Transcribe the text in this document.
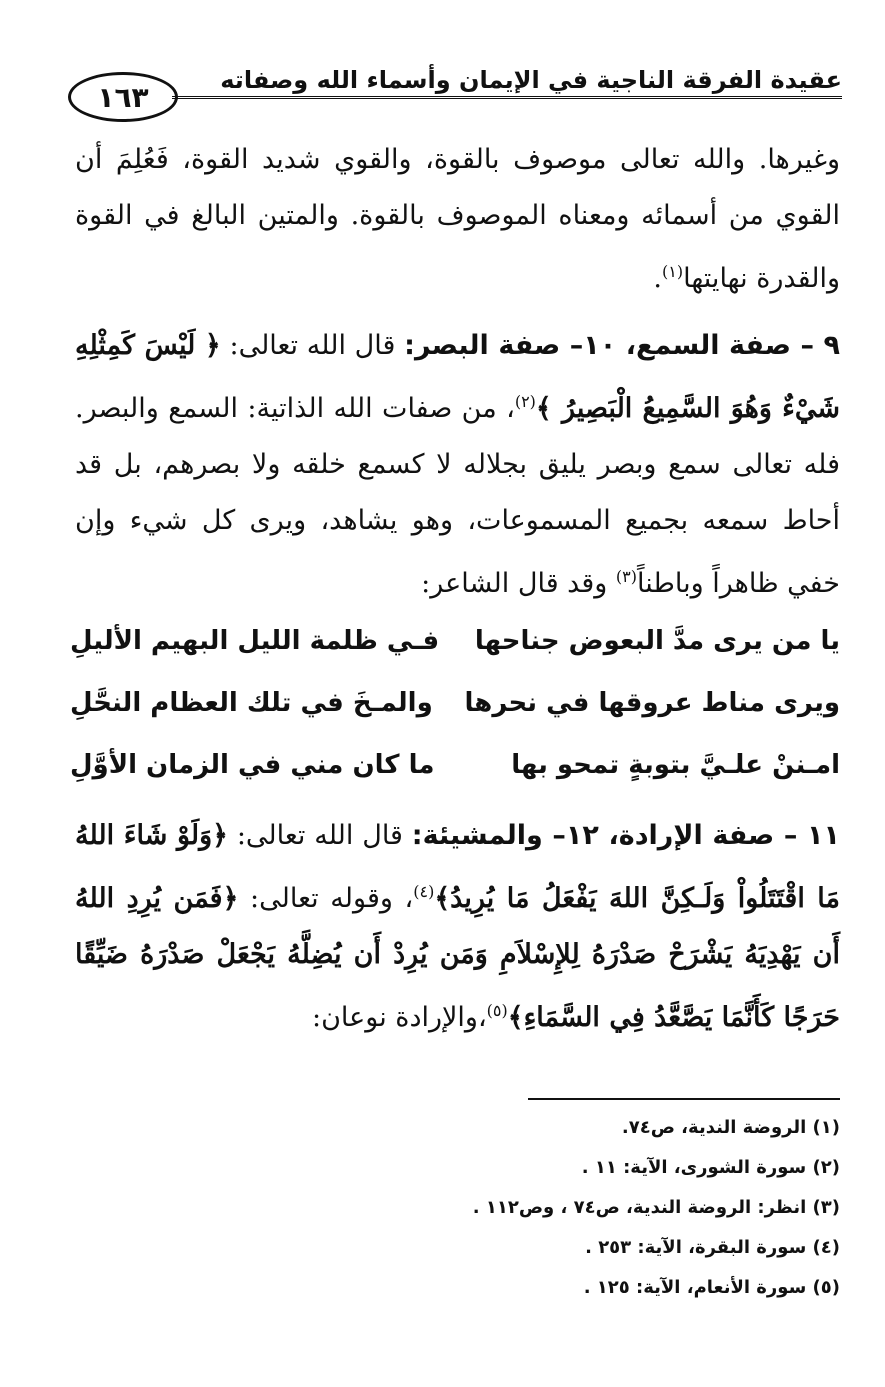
١٦٣
عقيدة الفرقة الناجية في الإيمان وأسماء الله وصفاته
وغيرها. والله تعالى موصوف بالقوة، والقوي شديد القوة، فَعُلِمَ أن القوي من أسمائه ومعناه الموصوف بالقوة. والمتين البالغ في القوة والقدرة نهايتها$^{(١)}$.
٩ – صفة السمع، ١٠– صفة البصر: قال الله تعالى: ﴿ لَيْسَ كَمِثْلِهِ شَيْءٌ وَهُوَ السَّمِيعُ الْبَصِيرُ ﴾$^{(٢)}$، من صفات الله الذاتية: السمع والبصر. فله تعالى سمع وبصر يليق بجلاله لا كسمع خلقه ولا بصرهم، بل قد أحاط سمعه بجميع المسموعات، وهو يشاهد، ويرى كل شيء وإن خفي ظاهراً وباطناً$^{(٣)}$ وقد قال الشاعر:
يا من يرى مدَّ البعوض جناحها
فـي ظلمة الليل البهيم الأليلِ
ويرى مناط عروقها في نحرها
والمـخَ في تلك العظام النحَّلِ
امـننْ علـيَّ بتوبةٍ تمحو بها
ما كان مني في الزمان الأوَّلِ
١١ – صفة الإرادة، ١٢– والمشيئة: قال الله تعالى: ﴿وَلَوْ شَاءَ اللهُ مَا اقْتَتَلُواْ وَلَـكِنَّ اللهَ يَفْعَلُ مَا يُرِيدُ﴾$^{(٤)}$، وقوله تعالى: ﴿فَمَن يُرِدِ اللهُ أَن يَهْدِيَهُ يَشْرَحْ صَدْرَهُ لِلإِسْلاَمِ وَمَن يُرِدْ أَن يُضِلَّهُ يَجْعَلْ صَدْرَهُ ضَيِّقًا حَرَجًا كَأَنَّمَا يَصَّعَّدُ فِي السَّمَاءِ﴾$^{(٥)}$،والإرادة نوعان:
(١) الروضة الندية، ص٧٤.
(٢) سورة الشورى، الآية: ١١ .
(٣) انظر: الروضة الندية، ص٧٤ ، وص١١٢ .
(٤) سورة البقرة، الآية: ٢٥٣ .
(٥) سورة الأنعام، الآية: ١٢٥ .
